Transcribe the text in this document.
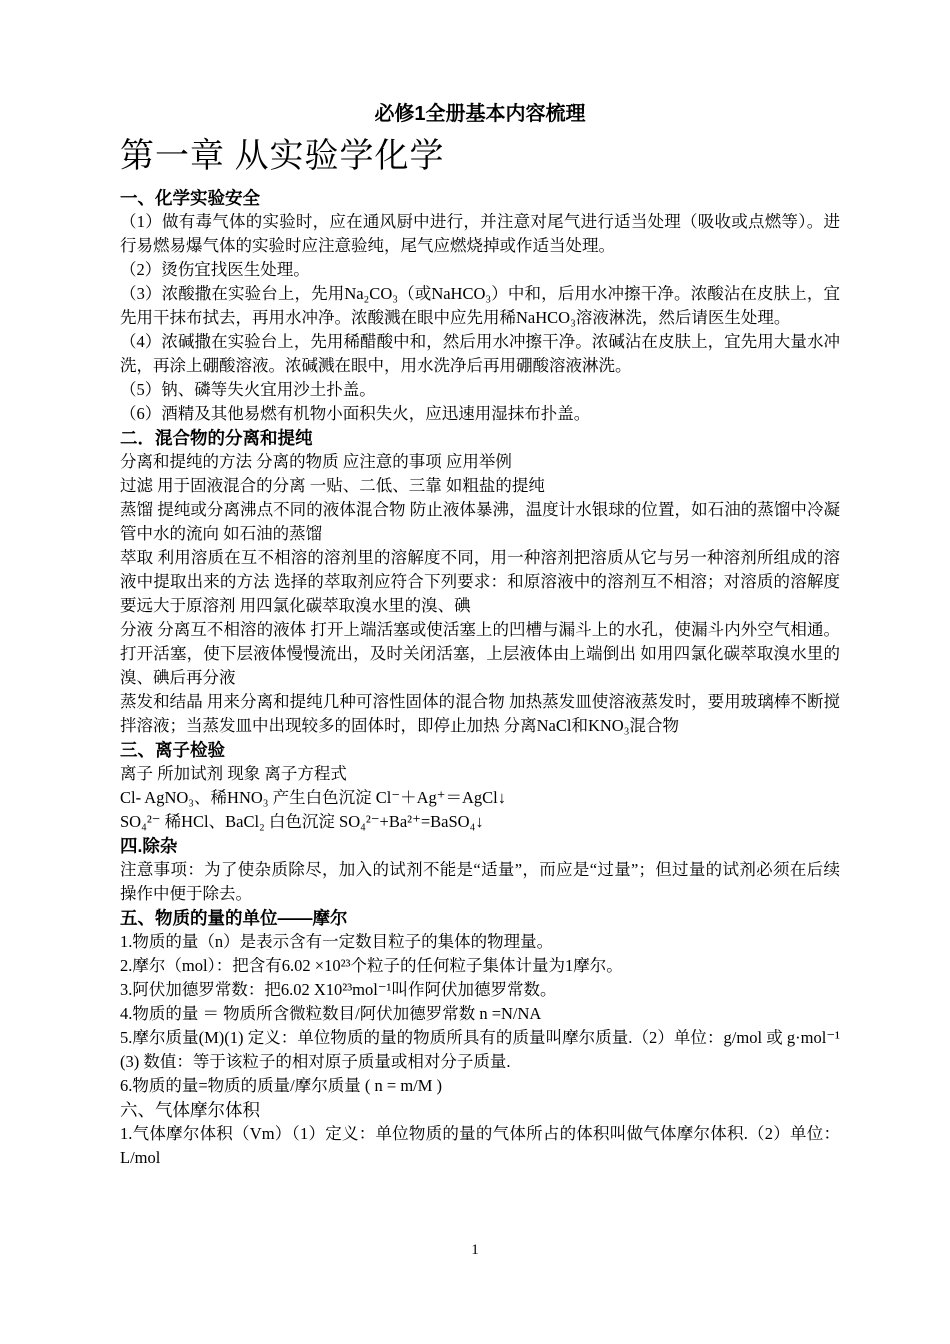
必修1全册基本内容梳理
第一章 从实验学化学
一、化学实验安全

（1）做有毒气体的实验时，应在通风厨中进行，并注意对尾气进行适当处理（吸收或点燃等）。进行易燃易爆气体的实验时应注意验纯，尾气应燃烧掉或作适当处理。

（2）烫伤宜找医生处理。

（3）浓酸撒在实验台上，先用Na₂CO₃（或NaHCO₃）中和，后用水冲擦干净。浓酸沾在皮肤上，宜先用干抹布拭去，再用水冲净。浓酸溅在眼中应先用稀NaHCO₃溶液淋洗，然后请医生处理。

（4）浓碱撒在实验台上，先用稀醋酸中和，然后用水冲擦干净。浓碱沾在皮肤上，宜先用大量水冲洗，再涂上硼酸溶液。浓碱溅在眼中，用水洗净后再用硼酸溶液淋洗。

（5）钠、磷等失火宜用沙土扑盖。

（6）酒精及其他易燃有机物小面积失火，应迅速用湿抹布扑盖。

二．混合物的分离和提纯

分离和提纯的方法 分离的物质 应注意的事项 应用举例

过滤 用于固液混合的分离 一贴、二低、三靠 如粗盐的提纯

蒸馏 提纯或分离沸点不同的液体混合物 防止液体暴沸，温度计水银球的位置，如石油的蒸馏中冷凝管中水的流向 如石油的蒸馏

萃取 利用溶质在互不相溶的溶剂里的溶解度不同，用一种溶剂把溶质从它与另一种溶剂所组成的溶液中提取出来的方法 选择的萃取剂应符合下列要求：和原溶液中的溶剂互不相溶；对溶质的溶解度要远大于原溶剂 用四氯化碳萃取溴水里的溴、碘

分液 分离互不相溶的液体 打开上端活塞或使活塞上的凹槽与漏斗上的水孔，使漏斗内外空气相通。打开活塞，使下层液体慢慢流出，及时关闭活塞，上层液体由上端倒出 如用四氯化碳萃取溴水里的溴、碘后再分液

蒸发和结晶 用来分离和提纯几种可溶性固体的混合物 加热蒸发皿使溶液蒸发时，要用玻璃棒不断搅拌溶液；当蒸发皿中出现较多的固体时，即停止加热 分离NaCl和KNO₃混合物

三、离子检验

离子 所加试剂 现象 离子方程式

Cl- AgNO₃、稀HNO₃ 产生白色沉淀 Cl⁻＋Ag⁺＝AgCl↓

SO₄²⁻ 稀HCl、BaCl₂ 白色沉淀 SO₄²⁻+Ba²⁺=BaSO₄↓

四.除杂

注意事项：为了使杂质除尽，加入的试剂不能是“适量”，而应是“过量”；但过量的试剂必须在后续操作中便于除去。

五、物质的量的单位——摩尔

1.物质的量（n）是表示含有一定数目粒子的集体的物理量。

2.摩尔（mol）：把含有6.02 ×10²³个粒子的任何粒子集体计量为1摩尔。

3.阿伏加德罗常数：把6.02 X10²³mol⁻¹叫作阿伏加德罗常数。

4.物质的量 ＝ 物质所含微粒数目/阿伏加德罗常数 n =N/NA

5.摩尔质量(M)(1) 定义：单位物质的量的物质所具有的质量叫摩尔质量.（2）单位：g/mol 或 g·mol⁻¹(3) 数值：等于该粒子的相对原子质量或相对分子质量.

6.物质的量=物质的质量/摩尔质量 ( n = m/M )

六、气体摩尔体积

1.气体摩尔体积（Vm）（1）定义：单位物质的量的气体所占的体积叫做气体摩尔体积.（2）单位：L/mol

1
